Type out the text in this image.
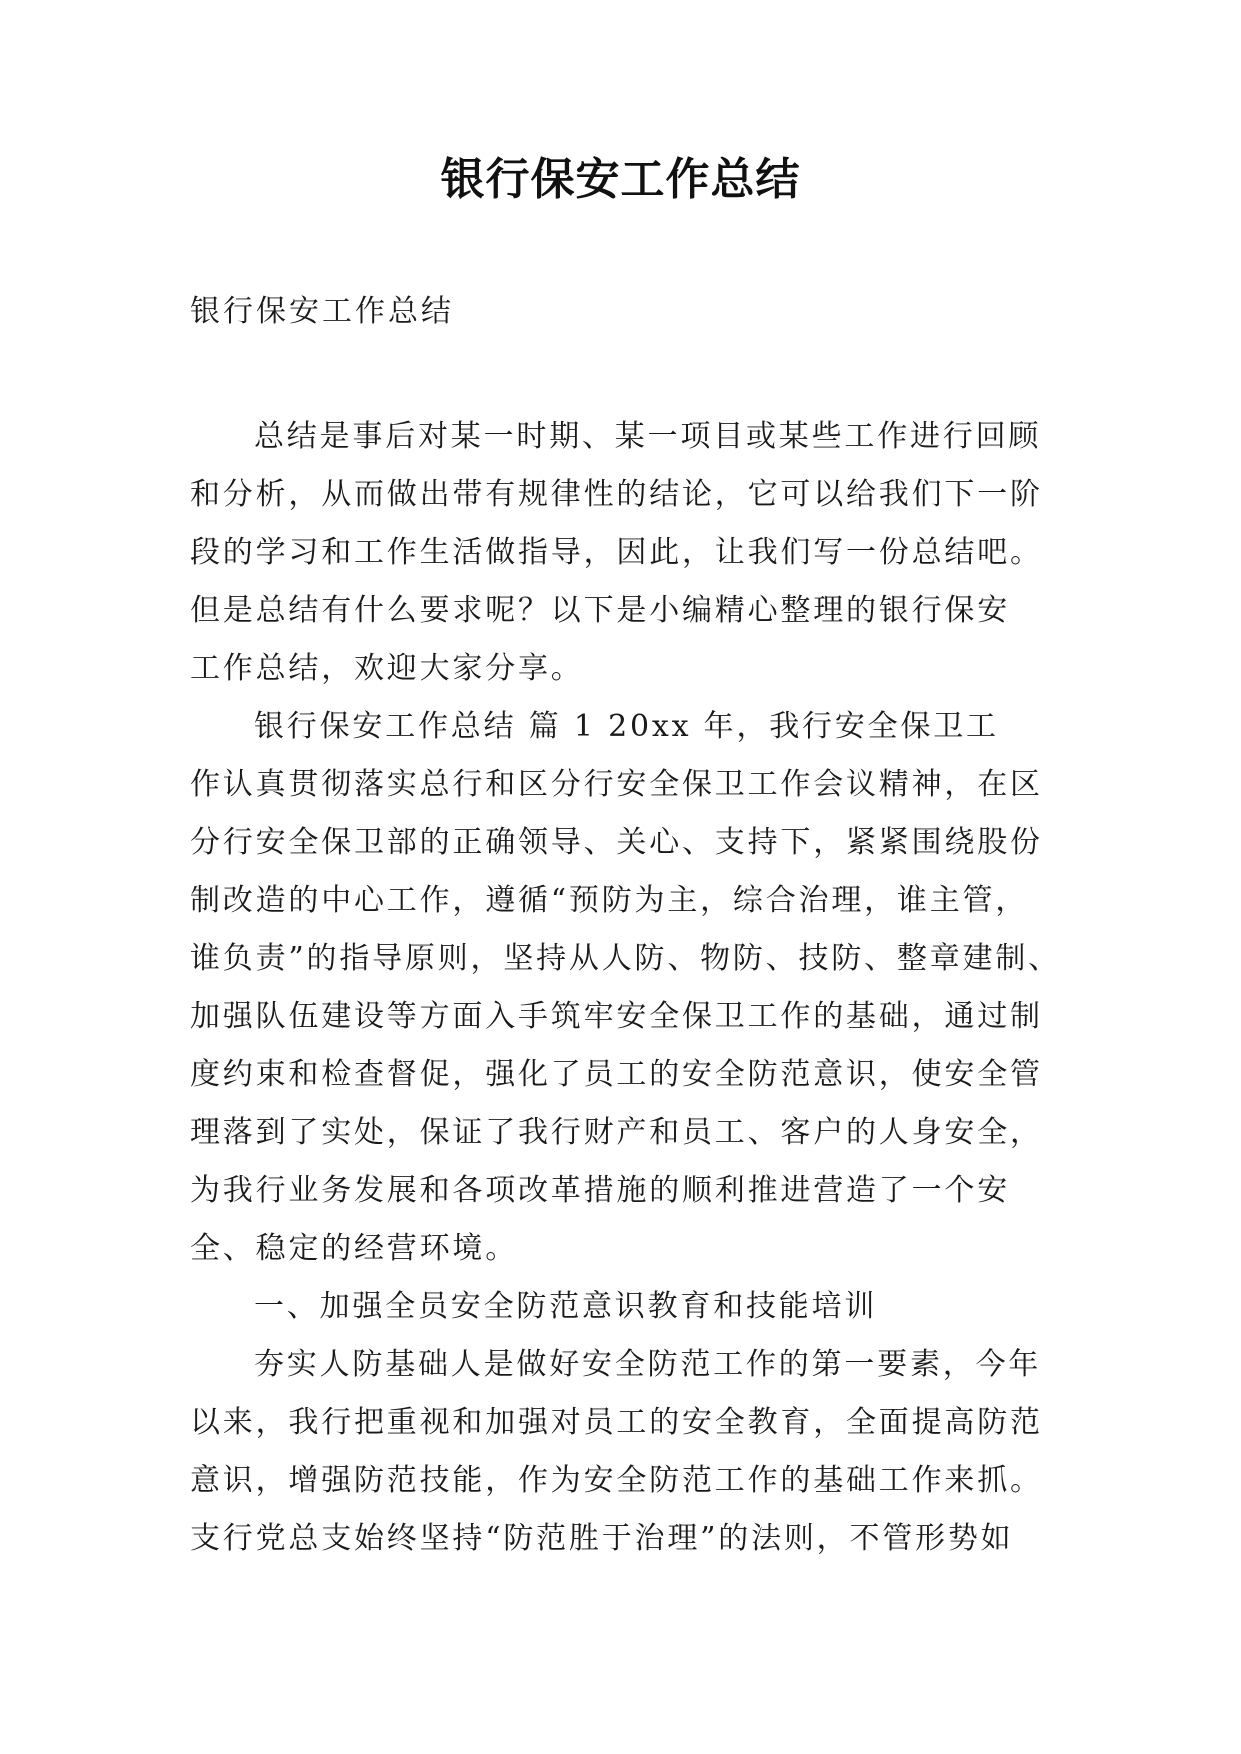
银行保安工作总结

银行保安工作总结

总结是事后对某一时期、某一项目或某些工作进行回顾

和分析，从而做出带有规律性的结论，它可以给我们下一阶

段的学习和工作生活做指导，因此，让我们写一份总结吧。

但是总结有什么要求呢？以下是小编精心整理的银行保安

工作总结，欢迎大家分享。

银行保安工作总结 篇 1 20xx 年，我行安全保卫工

作认真贯彻落实总行和区分行安全保卫工作会议精神，在区

分行安全保卫部的正确领导、关心、支持下，紧紧围绕股份

制改造的中心工作，遵循“预防为主，综合治理，谁主管，

谁负责”的指导原则，坚持从人防、物防、技防、整章建制、

加强队伍建设等方面入手筑牢安全保卫工作的基础，通过制

度约束和检查督促，强化了员工的安全防范意识，使安全管

理落到了实处，保证了我行财产和员工、客户的人身安全，

为我行业务发展和各项改革措施的顺利推进营造了一个安

全、稳定的经营环境。

一、加强全员安全防范意识教育和技能培训

夯实人防基础人是做好安全防范工作的第一要素，今年

以来，我行把重视和加强对员工的安全教育，全面提高防范

意识，增强防范技能，作为安全防范工作的基础工作来抓。

支行党总支始终坚持“防范胜于治理”的法则，不管形势如
